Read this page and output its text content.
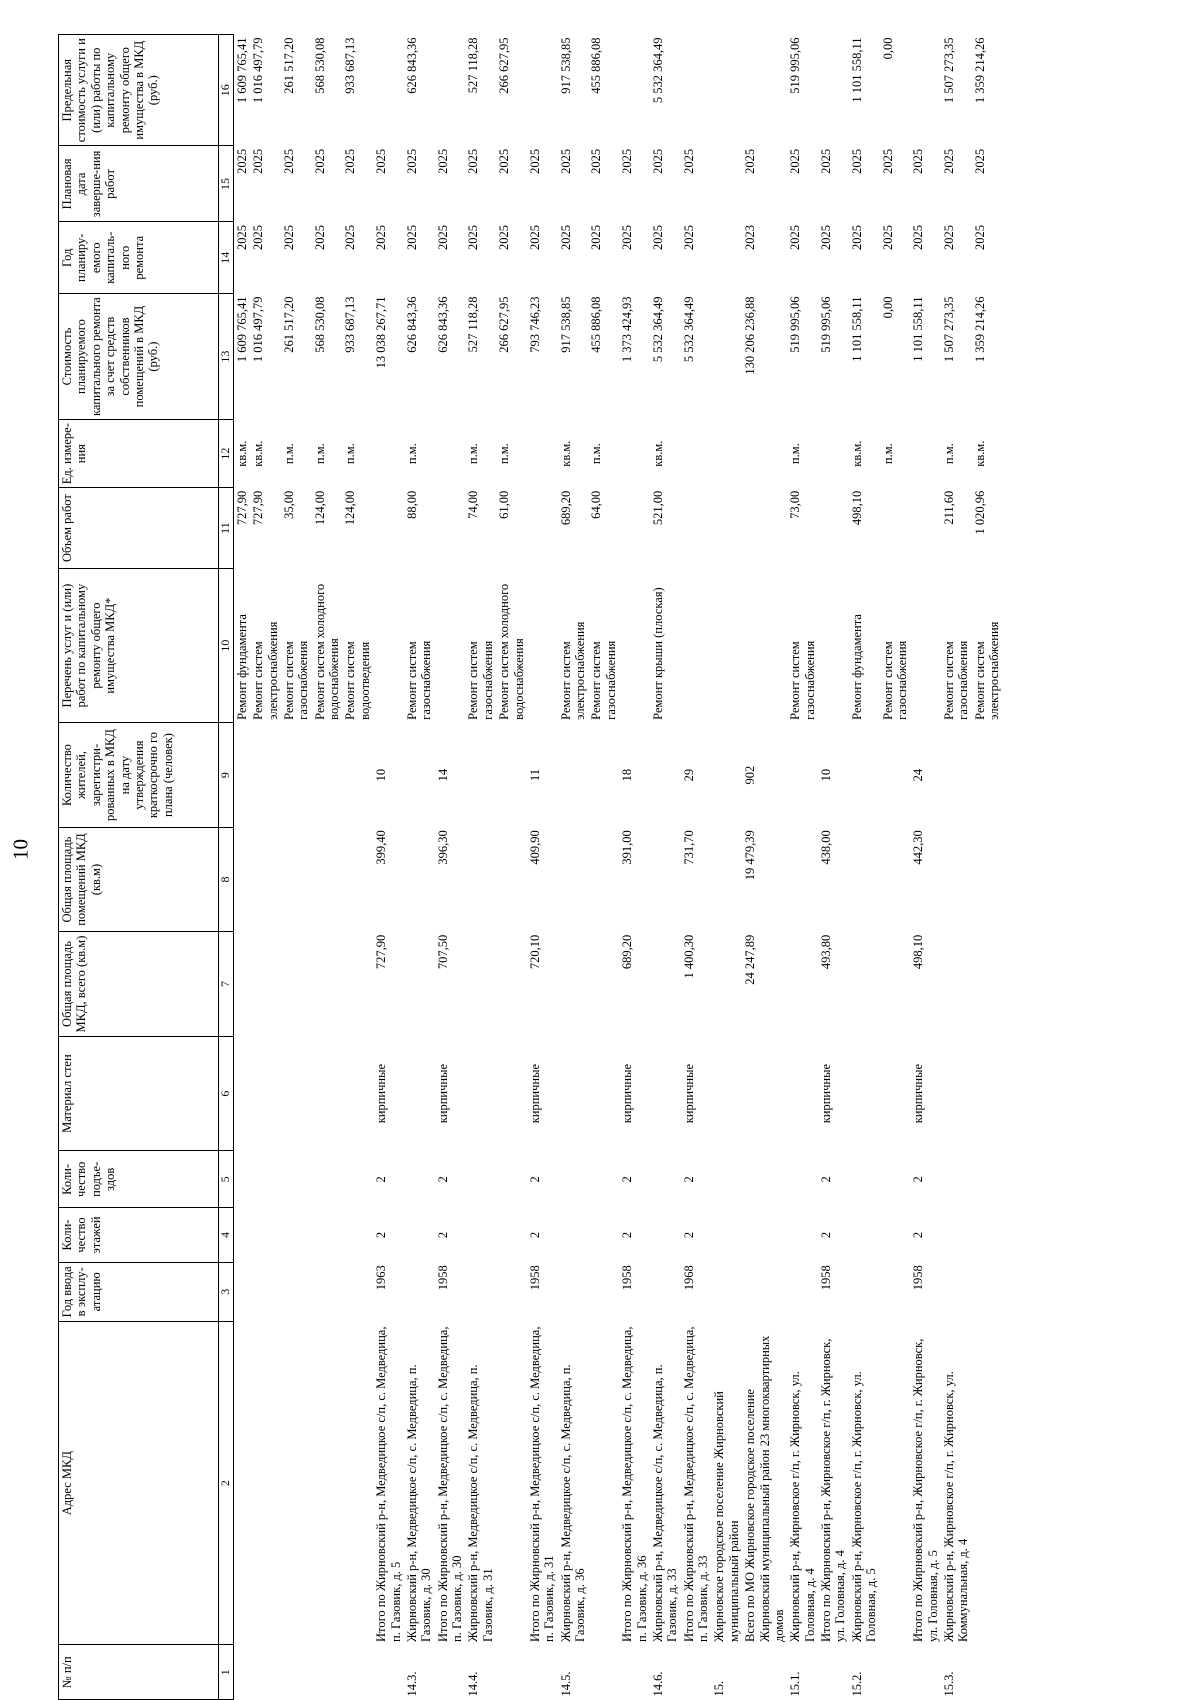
10
№ п/п	Адрес МКД	Год ввода в эксплу-атацию	Коли-чество этажей	Коли-чество подъе-здов	Материал стен	Общая площадь МКД, всего (кв.м)	Общая площадь помещений МКД (кв.м)	Количество жителей, зарегистри-рованных в МКД на дату утверждения краткосрочно го плана (человек)	Перечень услуг и (или) работ по капитальному ремонту общего имущества МКД*	Объем работ	Ед. измере-ния	Стоимость планируемого капитального ремонта за счет средств собственников помещений в МКД (руб.)	Год планиру-емого капиталь-ного ремонта	Плановая дата заверше-ния работ	Предельная стоимость услуги и (или) работы по капитальному ремонту общего имущества в МКД (руб.)
1	2	3	4	5	6	7	8	9	10	11	12	13	14	15	16
									Ремонт фундамента	727,90	кв.м.	1 609 765,41	2025	2025	1 609 765,41
									Ремонт систем электроснабжения	727,90	кв.м.	1 016 497,79	2025	2025	1 016 497,79
									Ремонт систем газоснабжения	35,00	п.м.	261 517,20	2025	2025	261 517,20
									Ремонт систем холодного водоснабжения	124,00	п.м.	568 530,08	2025	2025	568 530,08
									Ремонт систем водоотведения	124,00	п.м.	933 687,13	2025	2025	933 687,13
	Итого по Жирновский р-н, Медведицкое с/п, с. Медведица, п. Газовик, д. 5	1963	2	2	кирпичные	727,90	399,40	10				13 038 267,71	2025	2025	
14.3.	Жирновский р-н, Медведицкое с/п, с. Медведица, п. Газовик, д. 30								Ремонт систем газоснабжения	88,00	п.м.	626 843,36	2025	2025	626 843,36
	Итого по Жирновский р-н, Медведицкое с/п, с. Медведица, п. Газовик, д. 30	1958	2	2	кирпичные	707,50	396,30	14				626 843,36	2025	2025	
14.4.	Жирновский р-н, Медведицкое с/п, с. Медведица, п. Газовик, д. 31								Ремонт систем газоснабжения	74,00	п.м.	527 118,28	2025	2025	527 118,28
									Ремонт систем холодного водоснабжения	61,00	п.м.	266 627,95	2025	2025	266 627,95
	Итого по Жирновский р-н, Медведицкое с/п, с. Медведица, п. Газовик, д. 31	1958	2	2	кирпичные	720,10	409,90	11				793 746,23	2025	2025	
14.5.	Жирновский р-н, Медведицкое с/п, с. Медведица, п. Газовик, д. 36								Ремонт систем электроснабжения	689,20	кв.м.	917 538,85	2025	2025	917 538,85
									Ремонт систем газоснабжения	64,00	п.м.	455 886,08	2025	2025	455 886,08
	Итого по Жирновский р-н, Медведицкое с/п, с. Медведица, п. Газовик, д. 36	1958	2	2	кирпичные	689,20	391,00	18				1 373 424,93	2025	2025	
14.6.	Жирновский р-н, Медведицкое с/п, с. Медведица, п. Газовик, д. 33								Ремонт крыши (плоская)	521,00	кв.м.	5 532 364,49	2025	2025	5 532 364,49
	Итого по Жирновский р-н, Медведицкое с/п, с. Медведица, п. Газовик, д. 33	1968	2	2	кирпичные	1 400,30	731,70	29				5 532 364,49	2025	2025	
15.	Жирновское городское поселение Жирновский муниципальный район														
	Всего по МО Жирновское городское поселение Жирновский муниципальный район 23 многоквартирных домов					24 247,89	19 479,39	902				130 206 236,88	2023	2025	
15.1.	Жирновский р-н, Жирновское г/п, г. Жирновск, ул. Головная, д. 4								Ремонт систем газоснабжения	73,00	п.м.	519 995,06	2025	2025	519 995,06
	Итого по Жирновский р-н, Жирновское г/п, г. Жирновск, ул. Головная, д. 4	1958	2	2	кирпичные	493,80	438,00	10				519 995,06	2025	2025	
15.2.	Жирновский р-н, Жирновское г/п, г. Жирновск, ул. Головная, д. 5								Ремонт фундамента	498,10	кв.м.	1 101 558,11	2025	2025	1 101 558,11
									Ремонт систем газоснабжения		п.м.	0,00	2025	2025	0,00
	Итого по Жирновский р-н, Жирновское г/п, г. Жирновск, ул. Головная, д. 5	1958	2	2	кирпичные	498,10	442,30	24				1 101 558,11	2025	2025	
15.3.	Жирновский р-н, Жирновское г/п, г. Жирновск, ул. Коммунальная, д. 4								Ремонт систем газоснабжения	211,60	п.м.	1 507 273,35	2025	2025	1 507 273,35
									Ремонт систем электроснабжения	1 020,96	кв.м.	1 359 214,26	2025	2025	1 359 214,26
